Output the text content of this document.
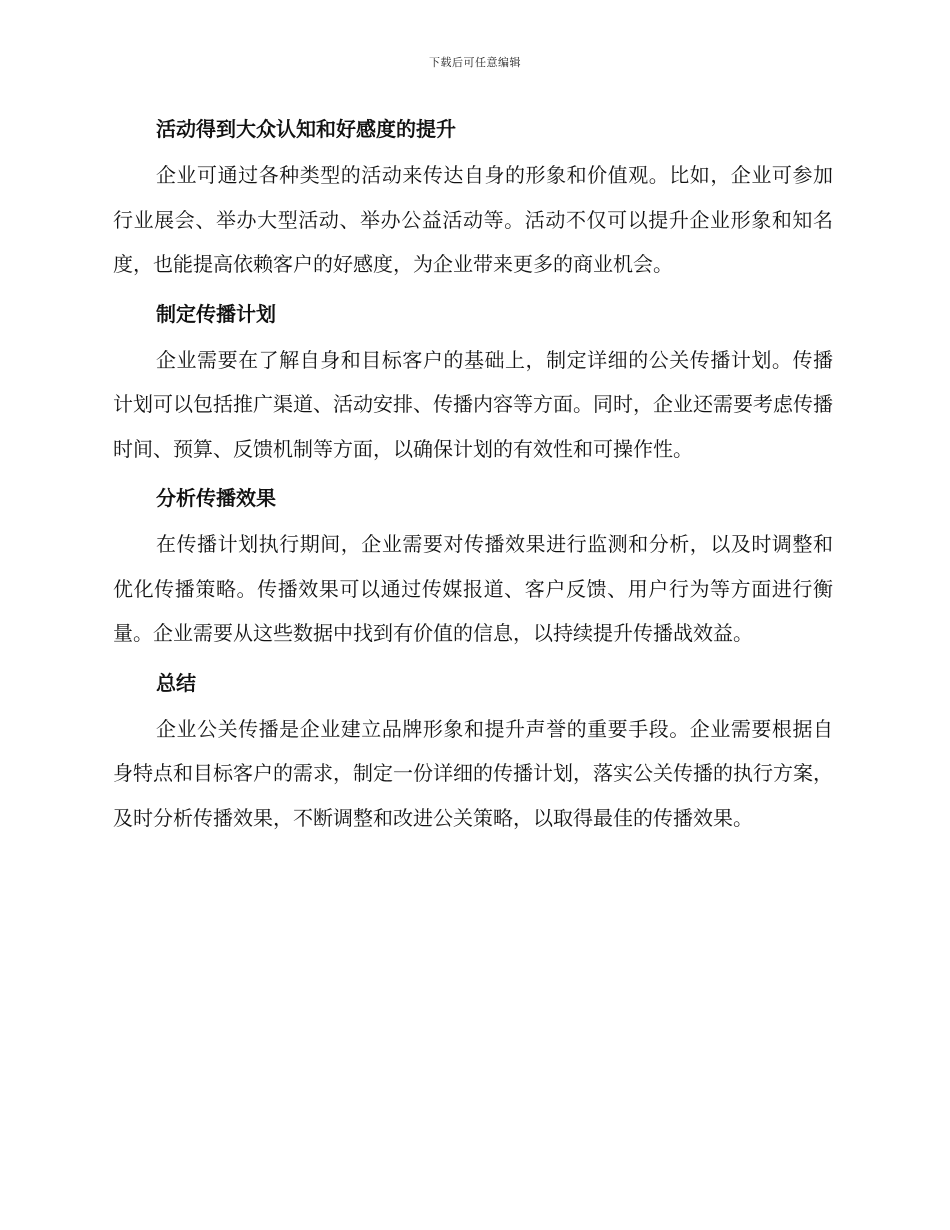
下载后可任意编辑
活动得到大众认知和好感度的提升

企业可通过各种类型的活动来传达自身的形象和价值观。比如，企业可参加行业展会、举办大型活动、举办公益活动等。活动不仅可以提升企业形象和知名度，也能提高依赖客户的好感度，为企业带来更多的商业机会。

制定传播计划

企业需要在了解自身和目标客户的基础上，制定详细的公关传播计划。传播计划可以包括推广渠道、活动安排、传播内容等方面。同时，企业还需要考虑传播时间、预算、反馈机制等方面，以确保计划的有效性和可操作性。

分析传播效果

在传播计划执行期间，企业需要对传播效果进行监测和分析，以及时调整和优化传播策略。传播效果可以通过传媒报道、客户反馈、用户行为等方面进行衡量。企业需要从这些数据中找到有价值的信息，以持续提升传播战效益。

总结

企业公关传播是企业建立品牌形象和提升声誉的重要手段。企业需要根据自身特点和目标客户的需求，制定一份详细的传播计划，落实公关传播的执行方案，及时分析传播效果，不断调整和改进公关策略，以取得最佳的传播效果。
